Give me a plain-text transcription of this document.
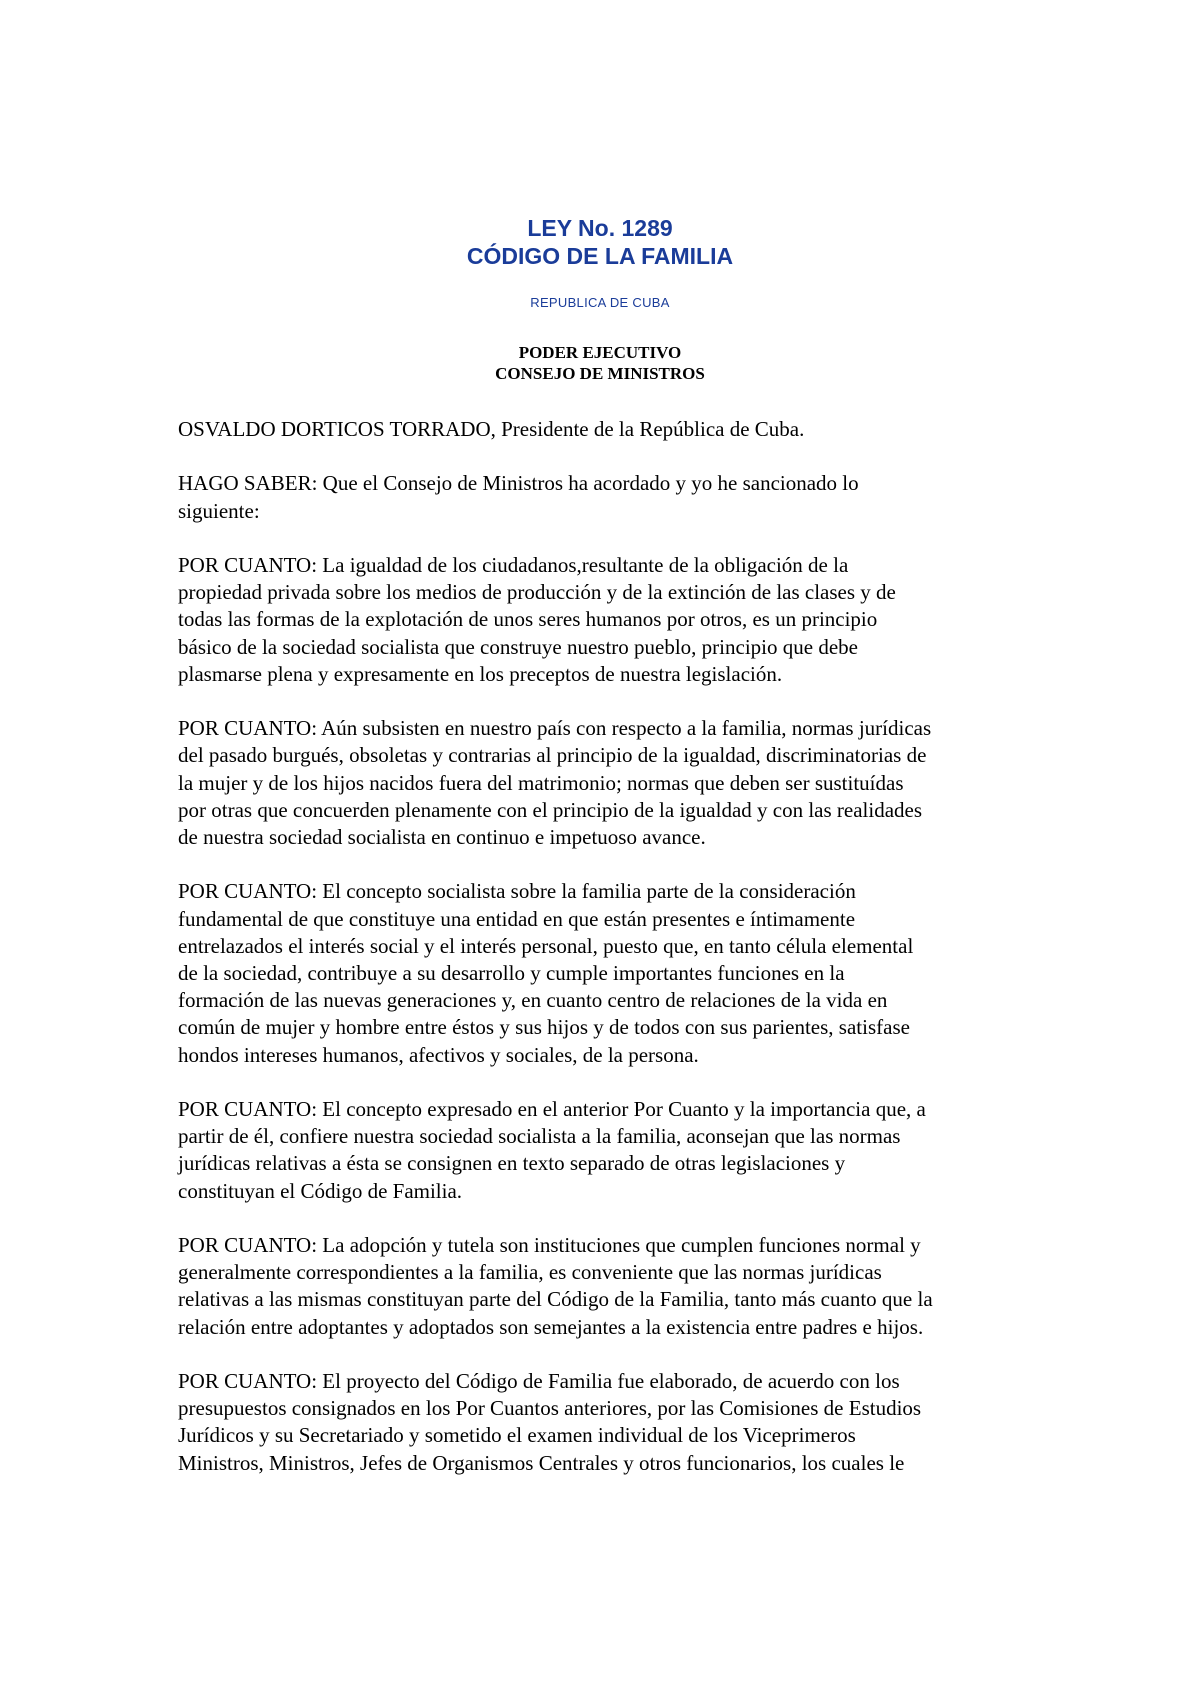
LEY No. 1289
CÓDIGO DE LA FAMILIA
REPUBLICA DE CUBA
PODER EJECUTIVO
CONSEJO DE MINISTROS

OSVALDO DORTICOS TORRADO, Presidente de la República de Cuba.

HAGO SABER: Que el Consejo de Ministros ha acordado y yo he sancionado lo
siguiente:

POR CUANTO: La igualdad de los ciudadanos,resultante de la obligación de la
propiedad privada sobre los medios de producción y de la extinción de las clases y de
todas las formas de la explotación de unos seres humanos por otros, es un principio
básico de la sociedad socialista que construye nuestro pueblo, principio que debe
plasmarse plena y expresamente en los preceptos de nuestra legislación.

POR CUANTO: Aún subsisten en nuestro país con respecto a la familia, normas jurídicas
del pasado burgués, obsoletas y contrarias al principio de la igualdad, discriminatorias de
la mujer y de los hijos nacidos fuera del matrimonio; normas que deben ser sustituídas
por otras que concuerden plenamente con el principio de la igualdad y con las realidades
de nuestra sociedad socialista en continuo e impetuoso avance.

POR CUANTO: El concepto socialista sobre la familia parte de la consideración
fundamental de que constituye una entidad en que están presentes e íntimamente
entrelazados el interés social y el interés personal, puesto que, en tanto célula elemental
de la sociedad, contribuye a su desarrollo y cumple importantes funciones en la
formación de las nuevas generaciones y, en cuanto centro de relaciones de la vida en
común de mujer y hombre entre éstos y sus hijos y de todos con sus parientes, satisfase
hondos intereses humanos, afectivos y sociales, de la persona.

POR CUANTO: El concepto expresado en el anterior Por Cuanto y la importancia que, a
partir de él, confiere nuestra sociedad socialista a la familia, aconsejan que las normas
jurídicas relativas a ésta se consignen en texto separado de otras legislaciones y
constituyan el Código de Familia.

POR CUANTO: La adopción y tutela son instituciones que cumplen funciones normal y
generalmente correspondientes a la familia, es conveniente que las normas jurídicas
relativas a las mismas constituyan parte del Código de la Familia, tanto más cuanto que la
relación entre adoptantes y adoptados son semejantes a la existencia entre padres e hijos.

POR CUANTO: El proyecto del Código de Familia fue elaborado, de acuerdo con los
presupuestos consignados en los Por Cuantos anteriores, por las Comisiones de Estudios
Jurídicos y su Secretariado y sometido el examen individual de los Viceprimeros
Ministros, Ministros, Jefes de Organismos Centrales y otros funcionarios, los cuales le
